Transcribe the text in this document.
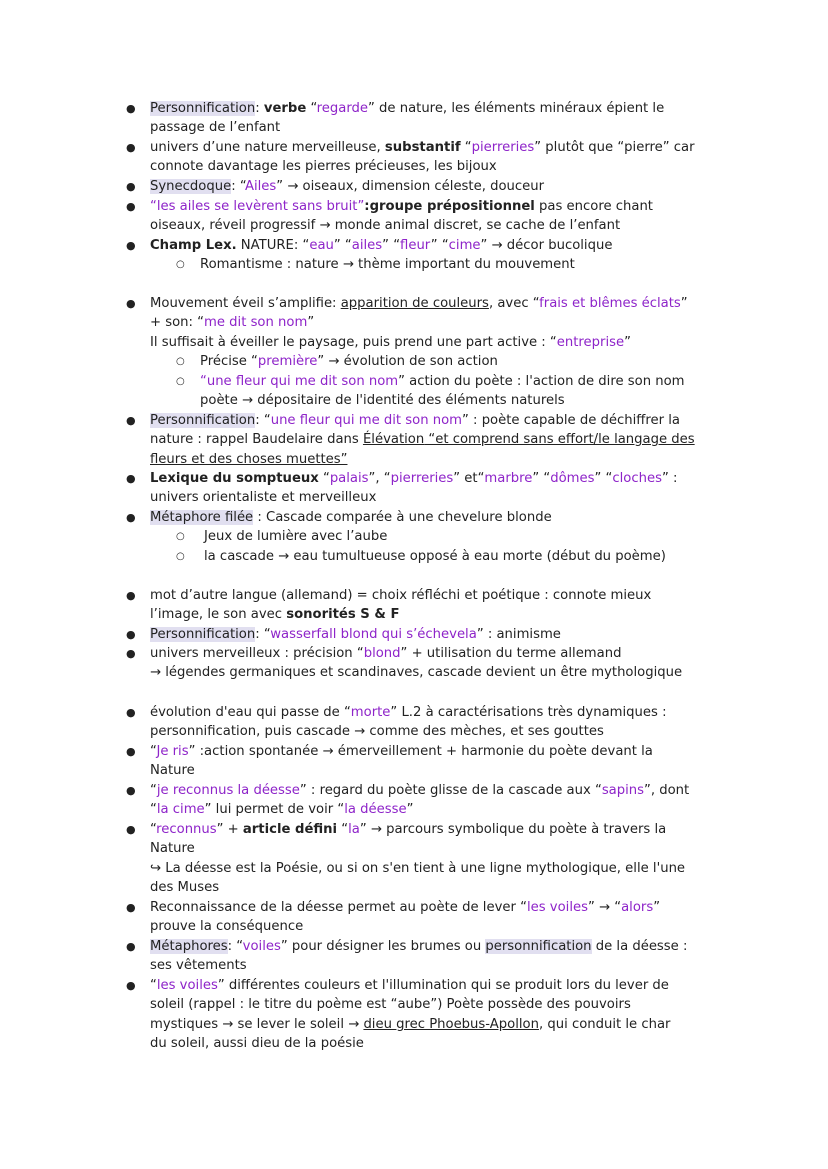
● Personnification: verbe “regarde” de nature, les éléments minéraux épient le
passage de l’enfant
● univers d’une nature merveilleuse, substantif “pierreries” plutôt que “pierre” car
connote davantage les pierres précieuses, les bijoux
● Synecdoque: “Ailes” → oiseaux, dimension céleste, douceur
● “les ailes se levèrent sans bruit”:groupe prépositionnel pas encore chant
oiseaux, réveil progressif → monde animal discret, se cache de l’enfant
● Champ Lex. NATURE: “eau” “ailes” “fleur” “cime” → décor bucolique
○ Romantisme : nature → thème important du mouvement
● Mouvement éveil s’amplifie: apparition de couleurs, avec “frais et blêmes éclats”
+ son: “me dit son nom”
Il suffisait à éveiller le paysage, puis prend une part active : “entreprise”
○ Précise “première” → évolution de son action
○ “une fleur qui me dit son nom” action du poète : l'action de dire son nom
poète → dépositaire de l'identité des éléments naturels
● Personnification: “une fleur qui me dit son nom” : poète capable de déchiffrer la
nature : rappel Baudelaire dans Élévation “et comprend sans effort/le langage des
fleurs et des choses muettes”
● Lexique du somptueux “palais”, “pierreries” et“marbre” “dômes” “cloches” :
univers orientaliste et merveilleux
● Métaphore filée : Cascade comparée à une chevelure blonde
○ Jeux de lumière avec l’aube
○ la cascade → eau tumultueuse opposé à eau morte (début du poème)
● mot d’autre langue (allemand) = choix réfléchi et poétique : connote mieux
l’image, le son avec sonorités S & F
● Personnification: “wasserfall blond qui s’échevela” : animisme
● univers merveilleux : précision “blond” + utilisation du terme allemand
→ légendes germaniques et scandinaves, cascade devient un être mythologique
● évolution d'eau qui passe de “morte” L.2 à caractérisations très dynamiques :
personnification, puis cascade → comme des mèches, et ses gouttes
● “Je ris” :action spontanée → émerveillement + harmonie du poète devant la
Nature
● “je reconnus la déesse” : regard du poète glisse de la cascade aux “sapins”, dont
“la cime” lui permet de voir “la déesse”
● “reconnus” + article défini “la” → parcours symbolique du poète à travers la
Nature
↪ La déesse est la Poésie, ou si on s'en tient à une ligne mythologique, elle l'une
des Muses
● Reconnaissance de la déesse permet au poète de lever “les voiles” → “alors”
prouve la conséquence
● Métaphores: “voiles” pour désigner les brumes ou personnification de la déesse :
ses vêtements
● “les voiles” différentes couleurs et l'illumination qui se produit lors du lever de
soleil (rappel : le titre du poème est “aube”) Poète possède des pouvoirs
mystiques → se lever le soleil → dieu grec Phoebus-Apollon, qui conduit le char
du soleil, aussi dieu de la poésie
